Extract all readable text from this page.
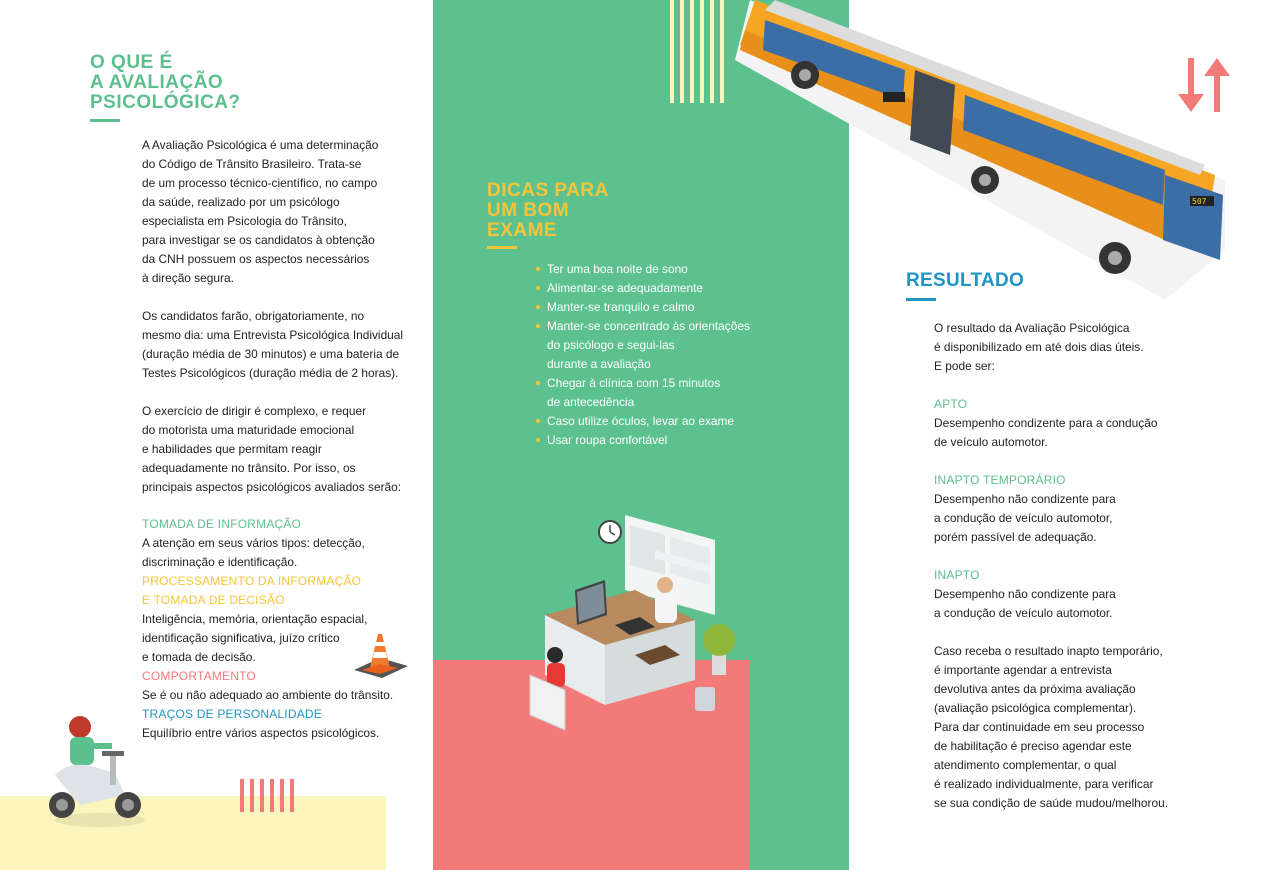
O QUE É
A AVALIAÇÃO
PSICOLÓGICA?
A Avaliação Psicológica é uma determinação
do Código de Trânsito Brasileiro. Trata-se
de um processo técnico-científico, no campo
da saúde, realizado por um psicólogo
especialista em Psicologia do Trânsito,
para investigar se os candidatos à obtenção
da CNH possuem os aspectos necessários
à direção segura.
Os candidatos farão, obrigatoriamente, no
mesmo dia: uma Entrevista Psicológica Individual
(duração média de 30 minutos) e uma bateria de
Testes Psicológicos (duração média de 2 horas).
O exercício de dirigir é complexo, e requer
do motorista uma maturidade emocional
e habilidades que permitam reagir
adequadamente no trânsito. Por isso, os
principais aspectos psicológicos avaliados serão:
TOMADA DE INFORMAÇÃO
A atenção em seus vários tipos: detecção,
discriminação e identificação.
PROCESSAMENTO DA INFORMAÇÃO
E TOMADA DE DECISÃO
Inteligência, memória, orientação espacial,
identificação significativa, juízo crítico
e tomada de decisão.
COMPORTAMENTO
Se é ou não adequado ao ambiente do trânsito.
TRAÇOS DE PERSONALIDADE
Equilíbrio entre vários aspectos psicológicos.
DICAS PARA
UM BOM
EXAME
Ter uma boa noite de sono
Alimentar-se adequadamente
Manter-se tranquilo e calmo
Manter-se concentrado às orientações
do psicólogo e segui-las
durante a avaliação
Chegar à clínica com 15 minutos
de antecedência
Caso utilize óculos, levar ao exame
Usar roupa confortável
507
RESULTADO
O resultado da Avaliação Psicológica
é disponibilizado em até dois dias úteis.
E pode ser:
APTO
Desempenho condizente para a condução
de veículo automotor.
INAPTO TEMPORÁRIO
Desempenho não condizente para
a condução de veículo automotor,
porém passível de adequação.
INAPTO
Desempenho não condizente para
a condução de veículo automotor.
Caso receba o resultado inapto temporário,
é importante agendar a entrevista
devolutiva antes da próxima avaliação
(avaliação psicológica complementar).
Para dar continuidade em seu processo
de habilitação é preciso agendar este
atendimento complementar, o qual
é realizado individualmente, para verificar
se sua condição de saúde mudou/melhorou.
